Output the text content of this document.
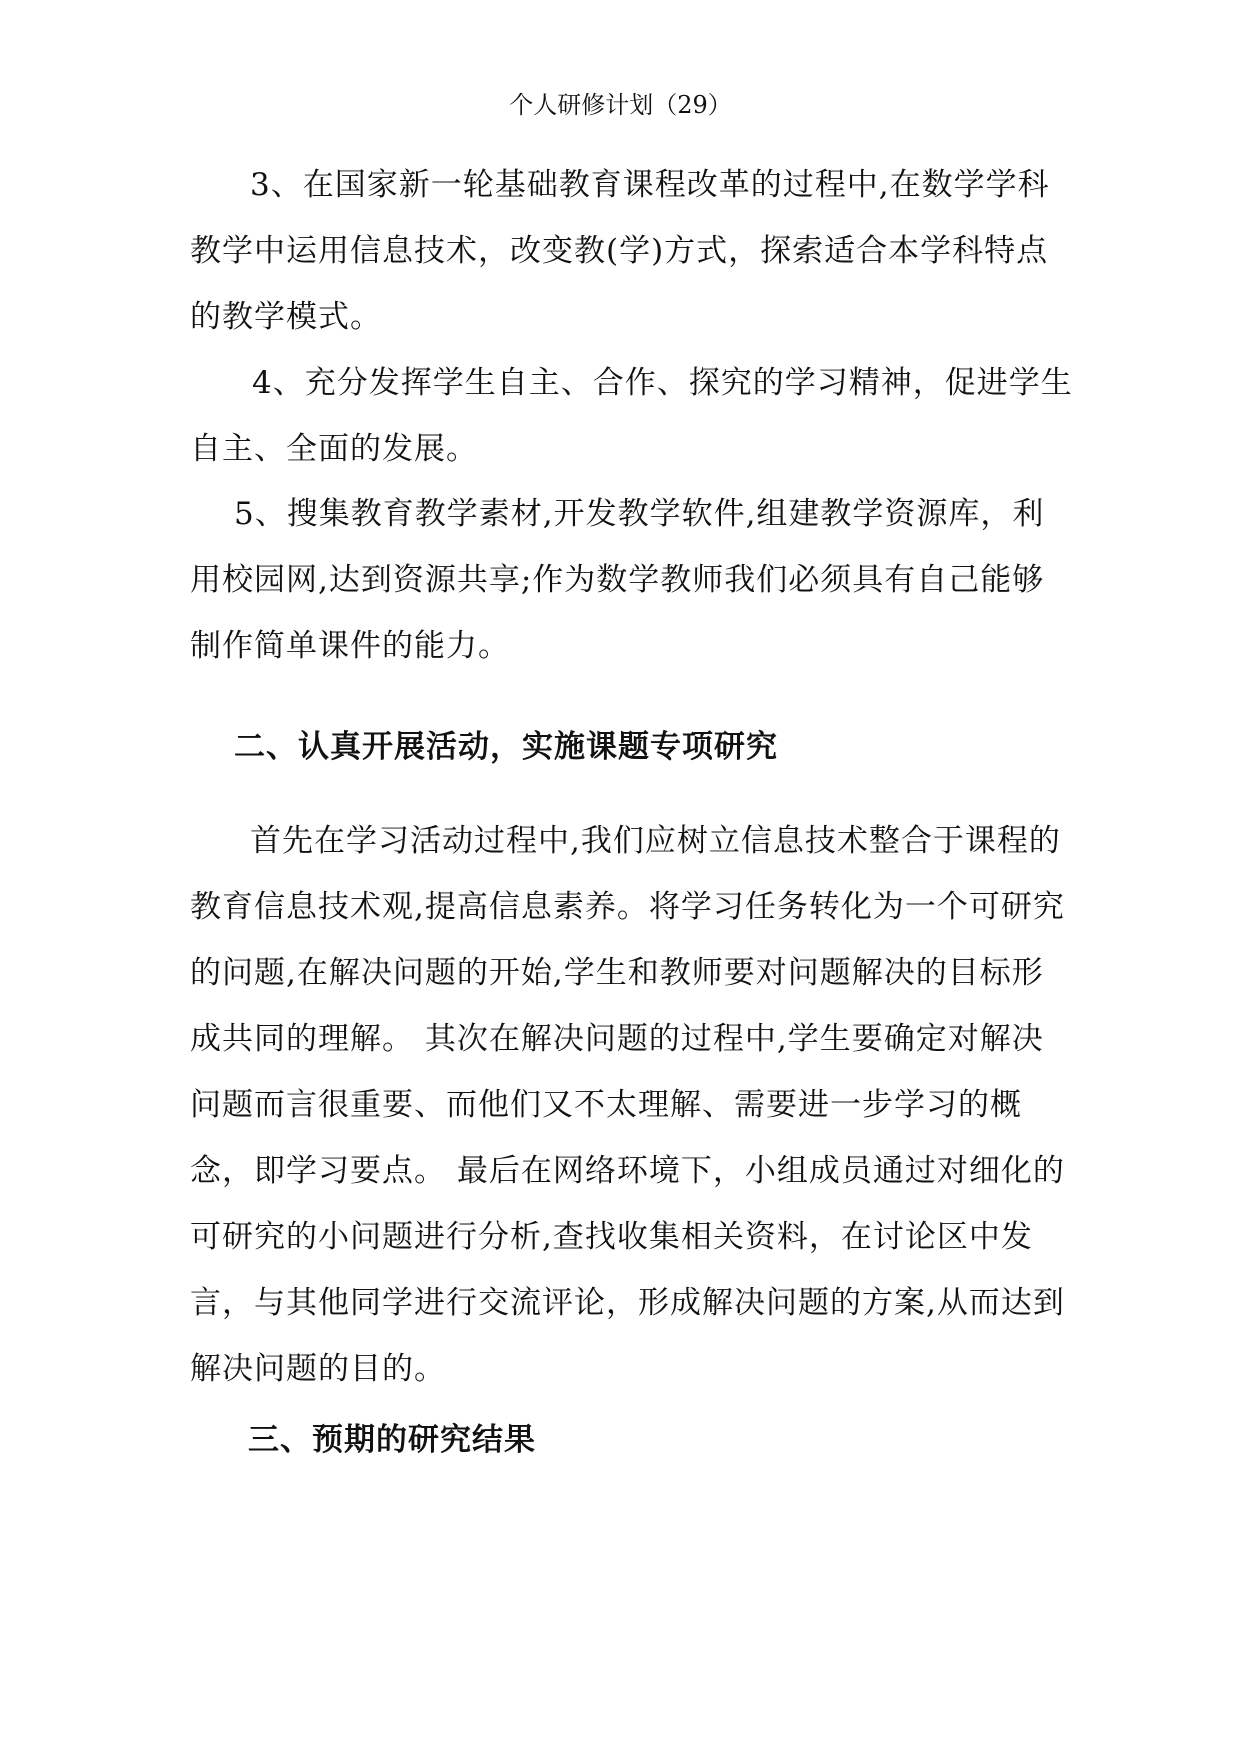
个人研修计划（29）

3、在国家新一轮基础教育课程改革的过程中,在数学学科教学中运用信息技术，改变教(学)方式，探索适合本学科特点的教学模式。

4、充分发挥学生自主、合作、探究的学习精神，促进学生自主、全面的发展。

5、搜集教育教学素材,开发教学软件,组建教学资源库，利用校园网,达到资源共享;作为数学教师我们必须具有自己能够制作简单课件的能力。

二、认真开展活动，实施课题专项研究

首先在学习活动过程中,我们应树立信息技术整合于课程的教育信息技术观,提高信息素养。将学习任务转化为一个可研究的问题,在解决问题的开始,学生和教师要对问题解决的目标形成共同的理解。 其次在解决问题的过程中,学生要确定对解决问题而言很重要、而他们又不太理解、需要进一步学习的概念，即学习要点。 最后在网络环境下，小组成员通过对细化的可研究的小问题进行分析,查找收集相关资料，在讨论区中发言，与其他同学进行交流评论，形成解决问题的方案,从而达到解决问题的目的。

三、预期的研究结果
